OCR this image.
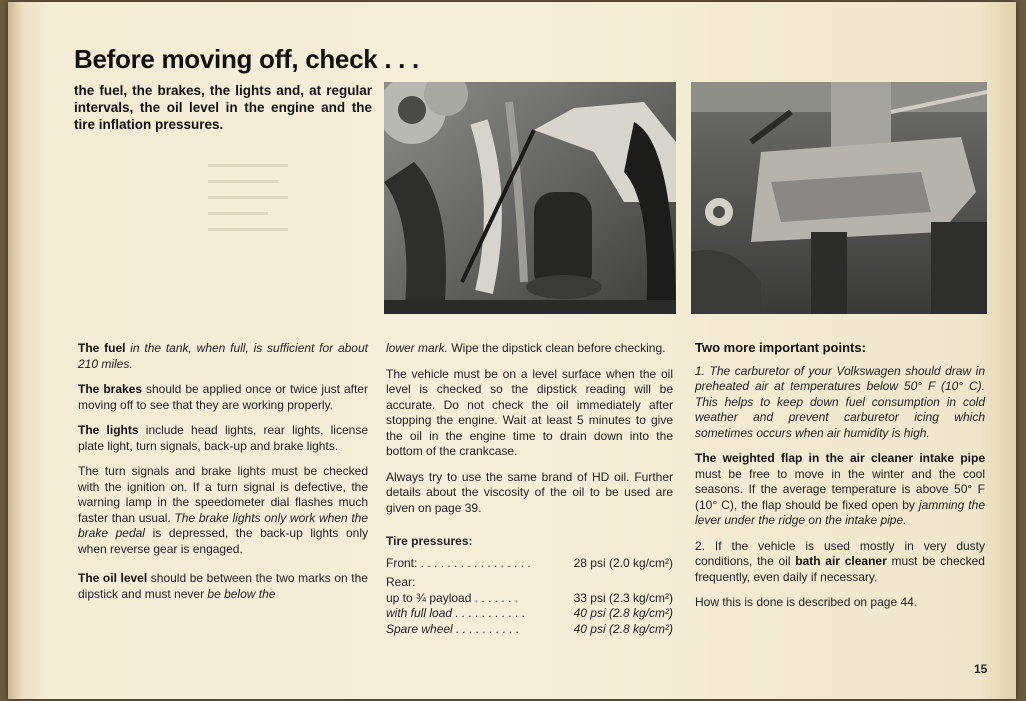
Before moving off, check . . .

the fuel, the brakes, the lights and, at regular intervals, the oil level in the engine and the tire inflation pressures.

▬▬▬▬▬▬▬▬
▬▬▬▬▬▬▬
▬▬▬▬▬▬▬▬
▬▬▬▬▬▬
▬▬▬▬▬▬▬▬

The fuel in the tank, when full, is sufficient for about 210 miles.

The brakes should be applied once or twice just after moving off to see that they are working properly.

The lights include head lights, rear lights, license plate light, turn signals, back-up and brake lights.

The turn signals and brake lights must be checked with the ignition on. If a turn signal is defective, the warning lamp in the speedometer dial flashes much faster than usual. The brake lights only work when the brake pedal is depressed, the back-up lights only when reverse gear is engaged.

The oil level should be between the two marks on the dipstick and must never be below the

lower mark. Wipe the dipstick clean before checking.

The vehicle must be on a level surface when the oil level is checked so the dipstick reading will be accurate. Do not check the oil immediately after stopping the engine. Wait at least 5 minutes to give the oil in the engine time to drain down into the bottom of the crankcase.

Always try to use the same brand of HD oil. Further details about the viscosity of the oil to be used are given on page 39.

Tire pressures:
Front: . . . . . . . . . . . . . . . . .	28 psi (2.0 kg/cm²)
Rear:
up to ¾ payload . . . . . . .	33 psi (2.3 kg/cm²)
with full load . . . . . . . . . . .	40 psi (2.8 kg/cm²)
Spare wheel . . . . . . . . . .	40 psi (2.8 kg/cm²)
Two more important points:

1. The carburetor of your Volkswagen should draw in preheated air at temperatures below 50° F (10° C). This helps to keep down fuel consumption in cold weather and prevent carburetor icing which sometimes occurs when air humidity is high.

The weighted flap in the air cleaner intake pipe must be free to move in the winter and the cool seasons. If the average temperature is above 50° F (10° C), the flap should be fixed open by jamming the lever under the ridge on the intake pipe.

2. If the vehicle is used mostly in very dusty conditions, the oil bath air cleaner must be checked frequently, even daily if necessary.

How this is done is described on page 44.

15
